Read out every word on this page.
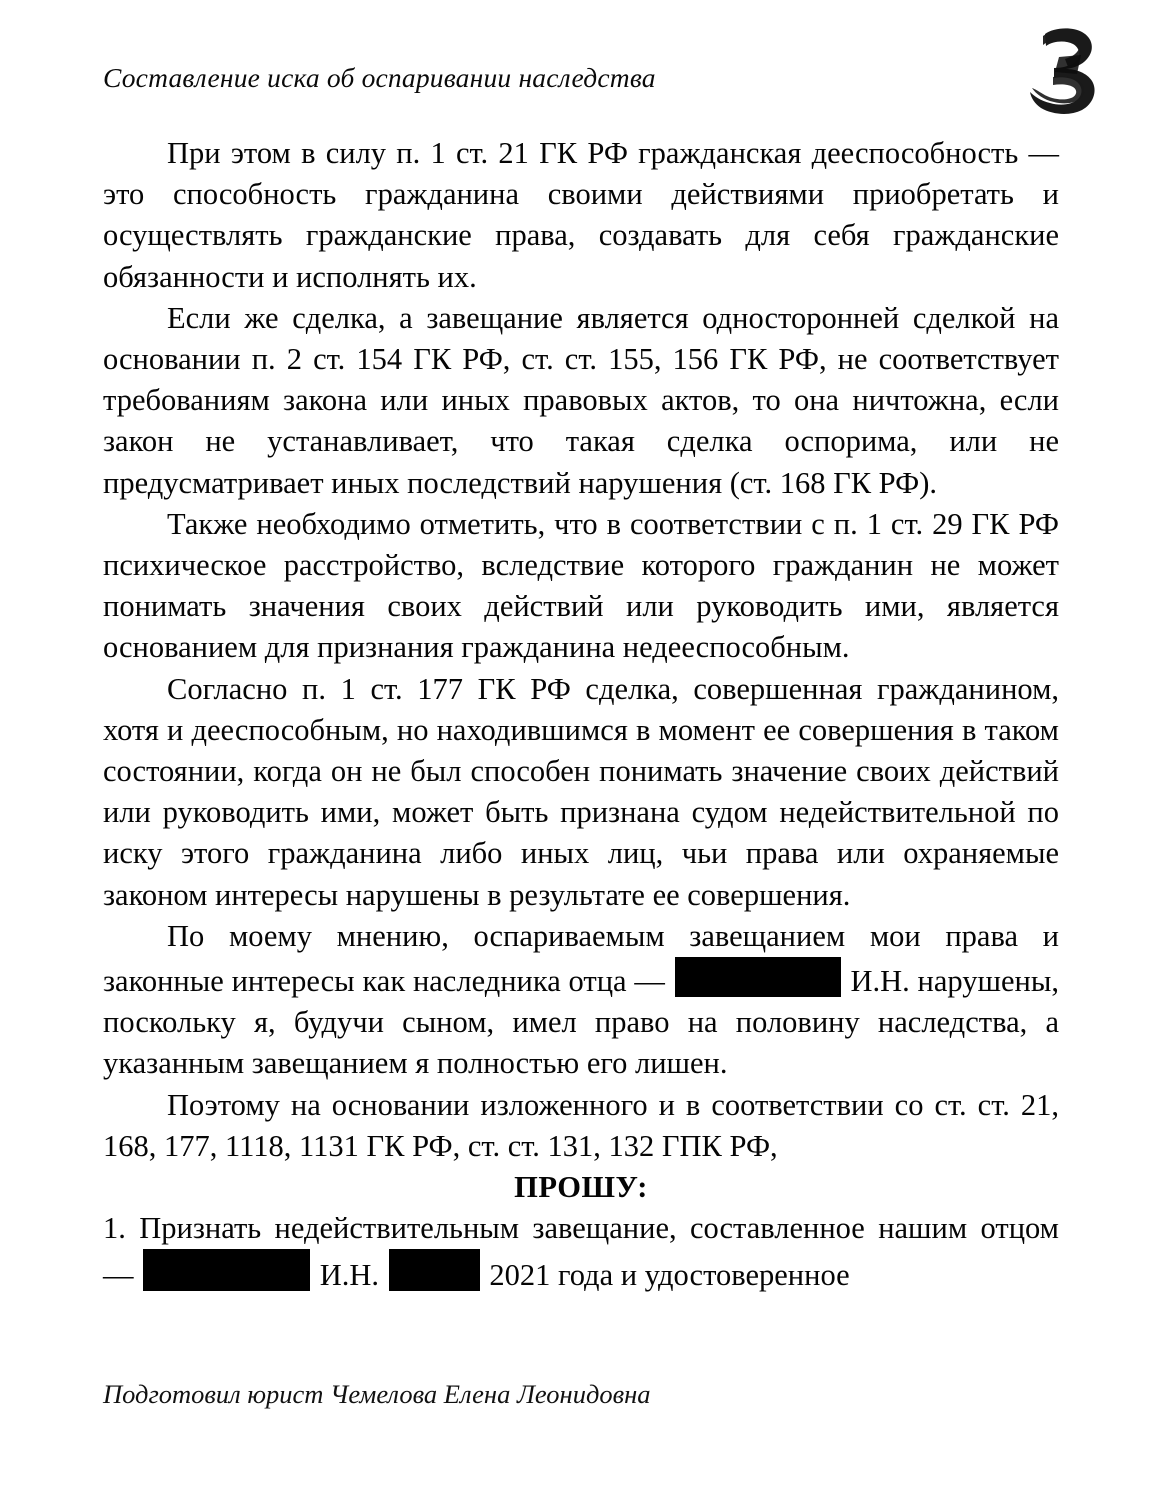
Составление иска об оспаривании наследства

При этом в силу п. 1 ст. 21 ГК РФ гражданская дееспособность — это способность гражданина своими действиями приобретать и осуществлять гражданские права, создавать для себя гражданские обязанности и исполнять их.

Если же сделка, а завещание является односторонней сделкой на основании п. 2 ст. 154 ГК РФ, ст. ст. 155, 156 ГК РФ, не соответствует требованиям закона или иных правовых актов, то она ничтожна, если закон не устанавливает, что такая сделка оспорима, или не предусматривает иных последствий нарушения (ст. 168 ГК РФ).

Также необходимо отметить, что в соответствии с п. 1 ст. 29 ГК РФ психическое расстройство, вследствие которого гражданин не может понимать значения своих действий или руководить ими, является основанием для признания гражданина недееспособным.

Согласно п. 1 ст. 177 ГК РФ сделка, совершенная гражданином, хотя и дееспособным, но находившимся в момент ее совершения в таком состоянии, когда он не был способен понимать значение своих действий или руководить ими, может быть признана судом недействительной по иску этого гражданина либо иных лиц, чьи права или охраняемые законом интересы нарушены в результате ее совершения.

По моему мнению, оспариваемым завещанием мои права и законные интересы как наследника отца —	И.Н. нарушены, поскольку я, будучи сыном, имел право на половину наследства, а указанным завещанием я полностью его лишен.

Поэтому на основании изложенного и в соответствии со ст. ст. 21, 168, 177, 1118, 1131 ГК РФ, ст. ст. 131, 132 ГПК РФ,

ПРОШУ:

1. Признать недействительным завещание, составленное нашим отцом —	И.Н.	2021 года и удостоверенное

Подготовил юрист Чемелова Елена Леонидовна
